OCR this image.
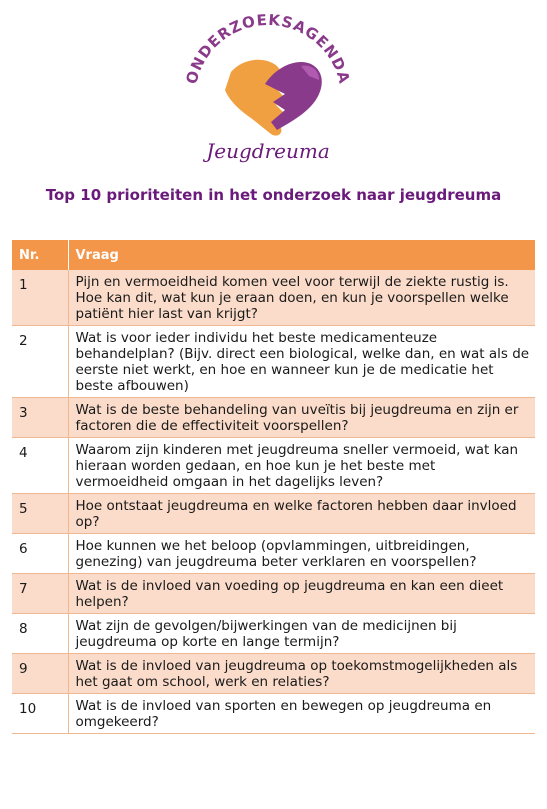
ONDERZOEKSAGENDA
Jeugdreuma
Top 10 prioriteiten in het onderzoek naar jeugdreuma
Nr.	Vraag
1	Pijn en vermoeidheid komen veel voor terwijl de ziekte rustig is. Hoe kan dit, wat kun je eraan doen, en kun je voorspellen welke patiënt hier last van krijgt?
2	Wat is voor ieder individu het beste medicamenteuze behandelplan? (Bijv. direct een biological, welke dan, en wat als de eerste niet werkt, en hoe en wanneer kun je de medicatie het beste afbouwen)
3	Wat is de beste behandeling van uveïtis bij jeugdreuma en zijn er factoren die de effectiviteit voorspellen?
4	Waarom zijn kinderen met jeugdreuma sneller vermoeid, wat kan hieraan worden gedaan, en hoe kun je het beste met vermoeidheid omgaan in het dagelijks leven?
5	Hoe ontstaat jeugdreuma en welke factoren hebben daar invloed op?
6	Hoe kunnen we het beloop (opvlammingen, uitbreidingen, genezing) van jeugdreuma beter verklaren en voorspellen?
7	Wat is de invloed van voeding op jeugdreuma en kan een dieet helpen?
8	Wat zijn de gevolgen/bijwerkingen van de medicijnen bij jeugdreuma op korte en lange termijn?
9	Wat is de invloed van jeugdreuma op toekomstmogelijkheden als het gaat om school, werk en relaties?
10	Wat is de invloed van sporten en bewegen op jeugdreuma en omgekeerd?
